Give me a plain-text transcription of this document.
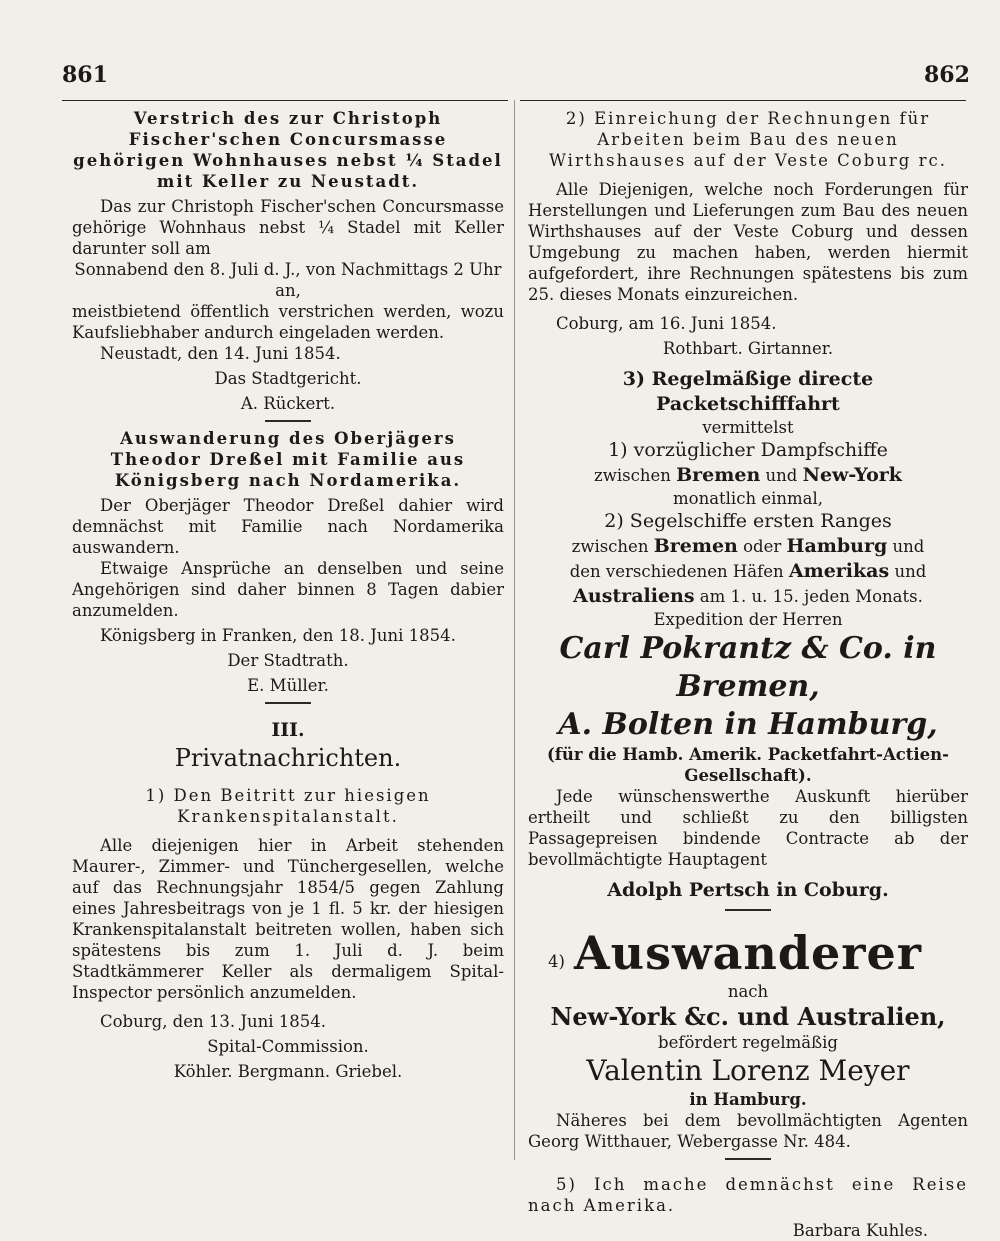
861	862

Verstrich des zur Christoph Fischer'schen Concursmasse gehörigen Wohnhauses nebst ¼ Stadel mit Keller zu Neustadt.

Das zur Christoph Fischer'schen Concursmasse gehörige Wohnhaus nebst ¼ Stadel mit Keller darunter soll am

Sonnabend den 8. Juli d. J., von Nachmittags 2 Uhr an,

meistbietend öffentlich verstrichen werden, wozu Kaufsliebhaber andurch eingeladen werden.

Neustadt, den 14. Juni 1854.

Das Stadtgericht.

A. Rückert.

Auswanderung des Oberjägers Theodor Dreßel mit Familie aus Königsberg nach Nordamerika.

Der Oberjäger Theodor Dreßel dahier wird demnächst mit Familie nach Nordamerika auswandern.

Etwaige Ansprüche an denselben und seine Angehörigen sind daher binnen 8 Tagen dabier anzumelden.

Königsberg in Franken, den 18. Juni 1854.

Der Stadtrath.

E. Müller.

III.

Privatnachrichten.

1) Den Beitritt zur hiesigen Krankenspitalanstalt.

Alle diejenigen hier in Arbeit stehenden Maurer-, Zimmer- und Tünchergesellen, welche auf das Rechnungsjahr 1854/5 gegen Zahlung eines Jahresbeitrags von je 1 fl. 5 kr. der hiesigen Krankenspitalanstalt beitreten wollen, haben sich spätestens bis zum 1. Juli d. J. beim Stadtkämmerer Keller als dermaligem Spital-Inspector persönlich anzumelden.

Coburg, den 13. Juni 1854.

Spital-Commission.

Köhler. Bergmann. Griebel.

2) Einreichung der Rechnungen für Arbeiten beim Bau des neuen Wirthshauses auf der Veste Coburg rc.

Alle Diejenigen, welche noch Forderungen für Herstellungen und Lieferungen zum Bau des neuen Wirthshauses auf der Veste Coburg und dessen Umgebung zu machen haben, werden hiermit aufgefordert, ihre Rechnungen spätestens bis zum 25. dieses Monats einzureichen.

Coburg, am 16. Juni 1854.

Rothbart. Girtanner.

3) Regelmäßige directe Packetschifffahrt

vermittelst

1) vorzüglicher Dampfschiffe

zwischen Bremen und New-York

monatlich einmal,

2) Segelschiffe ersten Ranges

zwischen Bremen oder Hamburg und

den verschiedenen Häfen Amerikas und

Australiens am 1. u. 15. jeden Monats.

Expedition der Herren

Carl Pokrantz & Co. in Bremen,

A. Bolten in Hamburg,

(für die Hamb. Amerik. Packetfahrt-Actien-Gesellschaft).

Jede wünschenswerthe Auskunft hierüber ertheilt und schließt zu den billigsten Passagepreisen bindende Contracte ab der bevollmächtigte Hauptagent

Adolph Pertsch in Coburg.

4) Auswanderer

nach

New-York &c. und Australien,

befördert regelmäßig

Valentin Lorenz Meyer

in Hamburg.

Näheres bei dem bevollmächtigten Agenten Georg Witthauer, Webergasse Nr. 484.

5) Ich mache demnächst eine Reise nach Amerika.

Barbara Kuhles.
